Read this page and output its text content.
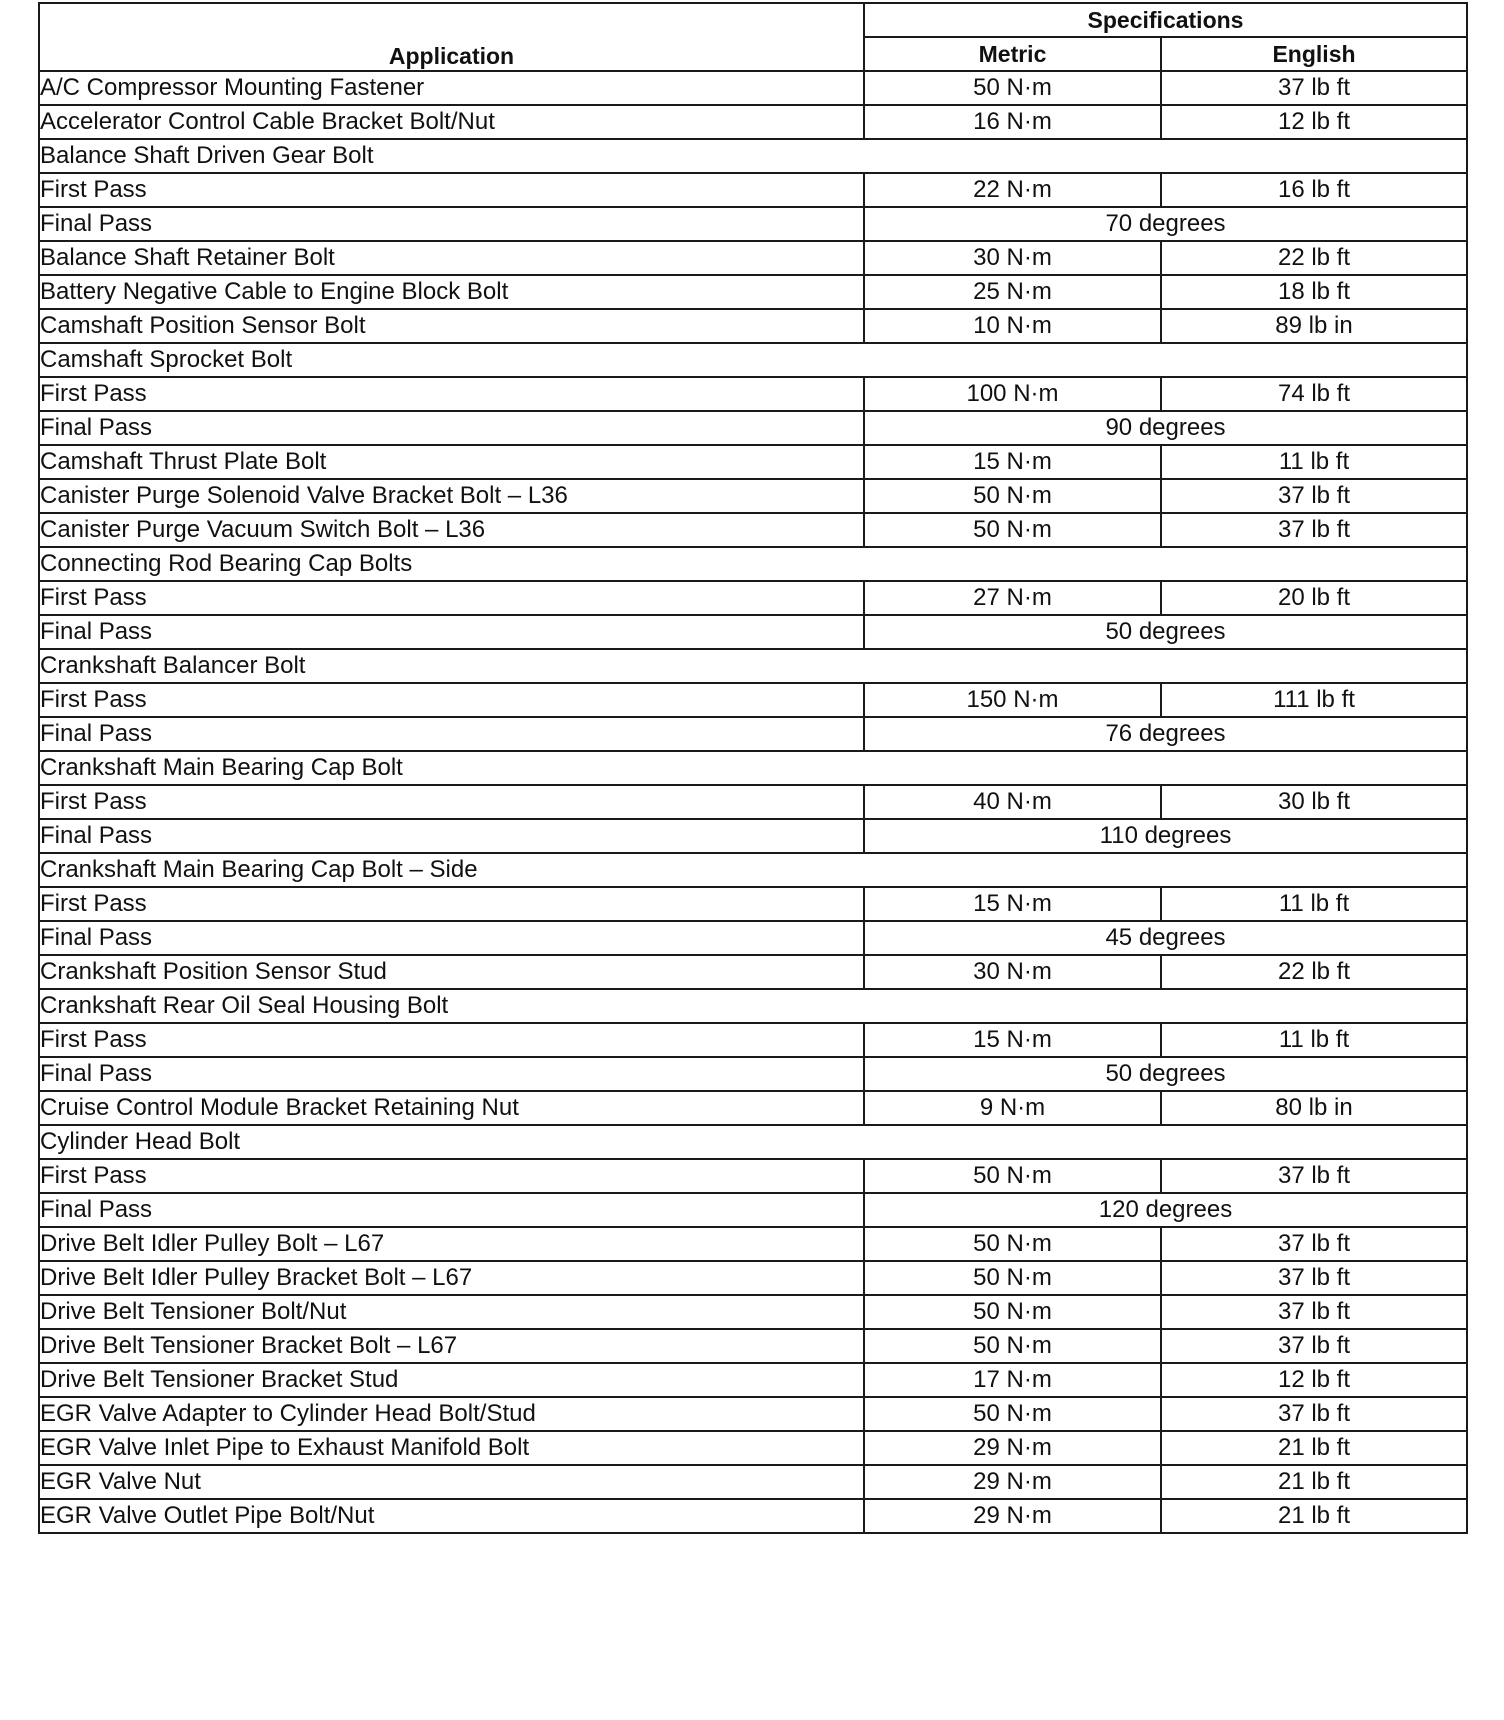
Application	Specifications	
	Metric	English
A/C Compressor Mounting Fastener	50 N·m	37 lb ft
Accelerator Control Cable Bracket Bolt/Nut	16 N·m	12 lb ft
Balance Shaft Driven Gear Bolt		
First Pass	22 N·m	16 lb ft
Final Pass	70 degrees	
Balance Shaft Retainer Bolt	30 N·m	22 lb ft
Battery Negative Cable to Engine Block Bolt	25 N·m	18 lb ft
Camshaft Position Sensor Bolt	10 N·m	89 lb in
Camshaft Sprocket Bolt		
First Pass	100 N·m	74 lb ft
Final Pass	90 degrees	
Camshaft Thrust Plate Bolt	15 N·m	11 lb ft
Canister Purge Solenoid Valve Bracket Bolt – L36	50 N·m	37 lb ft
Canister Purge Vacuum Switch Bolt – L36	50 N·m	37 lb ft
Connecting Rod Bearing Cap Bolts		
First Pass	27 N·m	20 lb ft
Final Pass	50 degrees	
Crankshaft Balancer Bolt		
First Pass	150 N·m	111 lb ft
Final Pass	76 degrees	
Crankshaft Main Bearing Cap Bolt		
First Pass	40 N·m	30 lb ft
Final Pass	110 degrees	
Crankshaft Main Bearing Cap Bolt – Side		
First Pass	15 N·m	11 lb ft
Final Pass	45 degrees	
Crankshaft Position Sensor Stud	30 N·m	22 lb ft
Crankshaft Rear Oil Seal Housing Bolt		
First Pass	15 N·m	11 lb ft
Final Pass	50 degrees	
Cruise Control Module Bracket Retaining Nut	9 N·m	80 lb in
Cylinder Head Bolt		
First Pass	50 N·m	37 lb ft
Final Pass	120 degrees	
Drive Belt Idler Pulley Bolt – L67	50 N·m	37 lb ft
Drive Belt Idler Pulley Bracket Bolt – L67	50 N·m	37 lb ft
Drive Belt Tensioner Bolt/Nut	50 N·m	37 lb ft
Drive Belt Tensioner Bracket Bolt – L67	50 N·m	37 lb ft
Drive Belt Tensioner Bracket Stud	17 N·m	12 lb ft
EGR Valve Adapter to Cylinder Head Bolt/Stud	50 N·m	37 lb ft
EGR Valve Inlet Pipe to Exhaust Manifold Bolt	29 N·m	21 lb ft
EGR Valve Nut	29 N·m	21 lb ft
EGR Valve Outlet Pipe Bolt/Nut	29 N·m	21 lb ft
